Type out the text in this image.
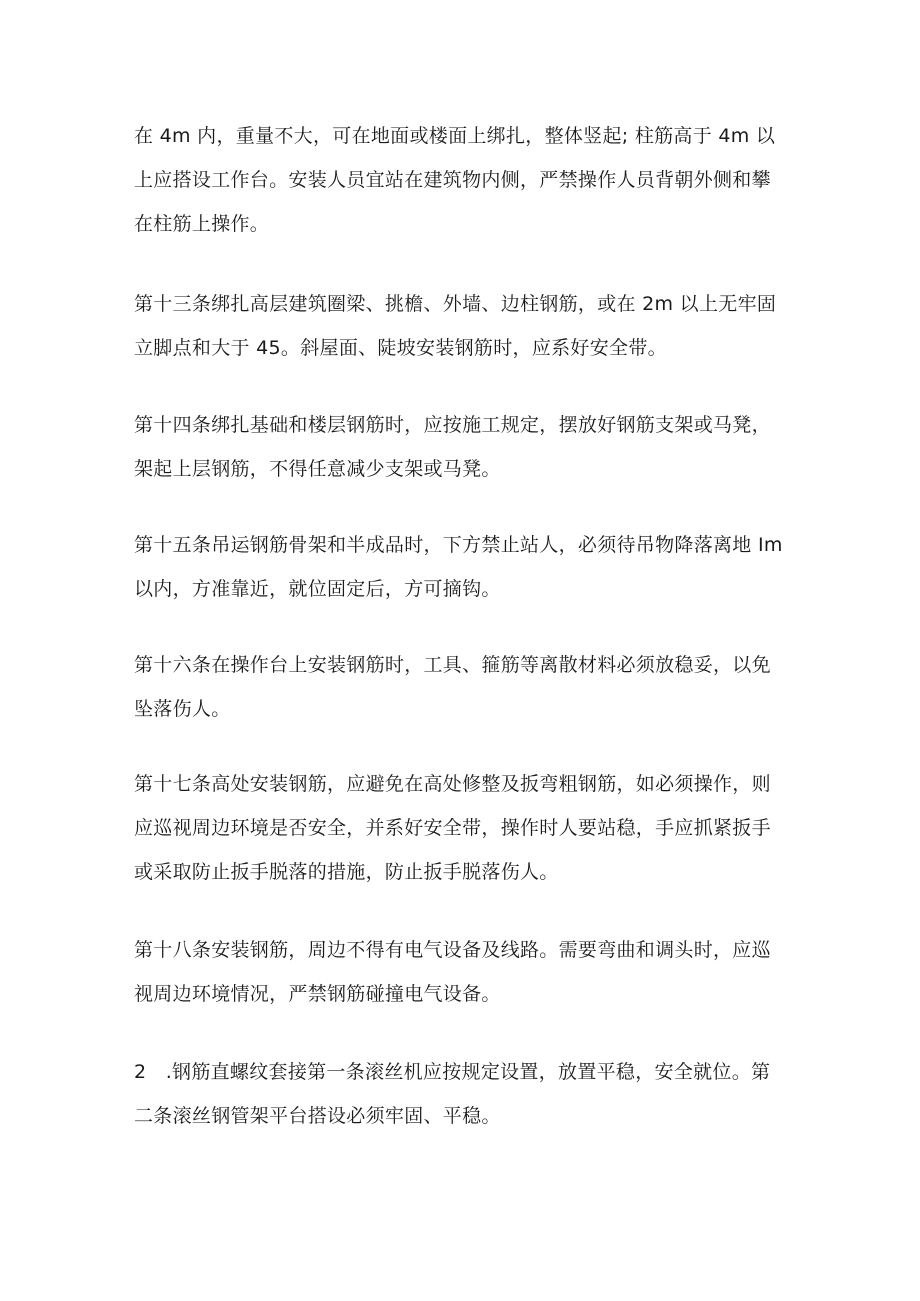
在 4m 内，重量不大，可在地面或楼面上绑扎，整体竖起; 柱筋高于 4m 以
上应搭设工作台。安装人员宜站在建筑物内侧，严禁操作人员背朝外侧和攀
在柱筋上操作。
第十三条绑扎高层建筑圈梁、挑檐、外墙、边柱钢筋，或在 2m 以上无牢固
立脚点和大于 45。斜屋面、陡坡安装钢筋时，应系好安全带。
第十四条绑扎基础和楼层钢筋时，应按施工规定，摆放好钢筋支架或马凳，
架起上层钢筋，不得任意减少支架或马凳。
第十五条吊运钢筋骨架和半成品时，下方禁止站人，必须待吊物降落离地 Im
以内，方准靠近，就位固定后，方可摘钩。
第十六条在操作台上安装钢筋时，工具、箍筋等离散材料必须放稳妥，以免
坠落伤人。
第十七条高处安装钢筋，应避免在高处修整及扳弯粗钢筋，如必须操作，则
应巡视周边环境是否安全，并系好安全带，操作时人要站稳，手应抓紧扳手
或采取防止扳手脱落的措施，防止扳手脱落伤人。
第十八条安装钢筋，周边不得有电气设备及线路。需要弯曲和调头时，应巡
视周边环境情况，严禁钢筋碰撞电气设备。
2　.钢筋直螺纹套接第一条滚丝机应按规定设置，放置平稳，安全就位。第
二条滚丝钢管架平台搭设必须牢固、平稳。
